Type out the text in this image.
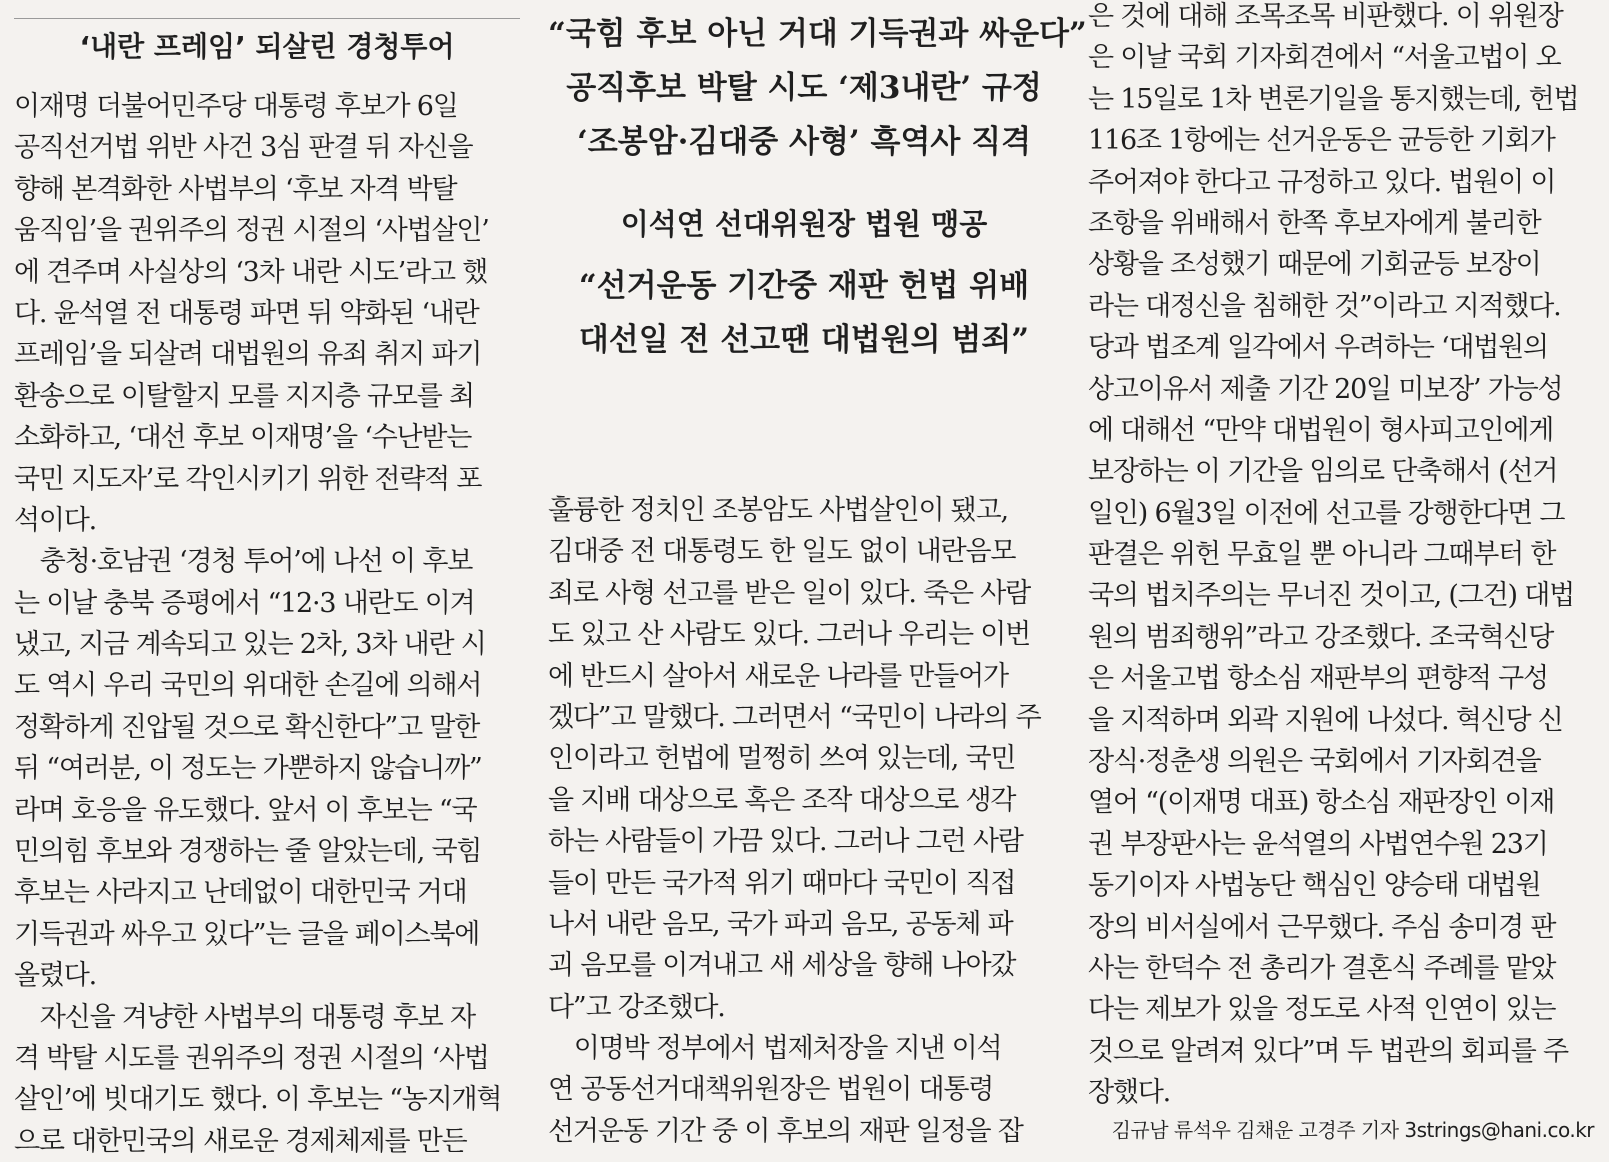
‘내란 프레임’ 되살린 경청투어
이재명 더불어민주당 대통령 후보가 6일
공직선거법 위반 사건 3심 판결 뒤 자신을
향해 본격화한 사법부의 ‘후보 자격 박탈
움직임’을 권위주의 정권 시절의 ‘사법살인’
에 견주며 사실상의 ‘3차 내란 시도’라고 했
다. 윤석열 전 대통령 파면 뒤 약화된 ‘내란
프레임’을 되살려 대법원의 유죄 취지 파기
환송으로 이탈할지 모를 지지층 규모를 최
소화하고, ‘대선 후보 이재명’을 ‘수난받는
국민 지도자’로 각인시키기 위한 전략적 포
석이다.
　충청·호남권 ‘경청 투어’에 나선 이 후보
는 이날 충북 증평에서 “12·3 내란도 이겨
냈고, 지금 계속되고 있는 2차, 3차 내란 시
도 역시 우리 국민의 위대한 손길에 의해서
정확하게 진압될 것으로 확신한다”고 말한
뒤 “여러분, 이 정도는 가뿐하지 않습니까”
라며 호응을 유도했다. 앞서 이 후보는 “국
민의힘 후보와 경쟁하는 줄 알았는데, 국힘
후보는 사라지고 난데없이 대한민국 거대
기득권과 싸우고 있다”는 글을 페이스북에
올렸다.
　자신을 겨냥한 사법부의 대통령 후보 자
격 박탈 시도를 권위주의 정권 시절의 ‘사법
살인’에 빗대기도 했다. 이 후보는 “농지개혁
으로 대한민국의 새로운 경제체제를 만든
“국힘 후보 아닌 거대 기득권과 싸운다”
공직후보 박탈 시도 ‘제3내란’ 규정
‘조봉암·김대중 사형’ 흑역사 직격
이석연 선대위원장 법원 맹공
“선거운동 기간중 재판 헌법 위배
대선일 전 선고땐 대법원의 범죄”
훌륭한 정치인 조봉암도 사법살인이 됐고,
김대중 전 대통령도 한 일도 없이 내란음모
죄로 사형 선고를 받은 일이 있다. 죽은 사람
도 있고 산 사람도 있다. 그러나 우리는 이번
에 반드시 살아서 새로운 나라를 만들어가
겠다”고 말했다. 그러면서 “국민이 나라의 주
인이라고 헌법에 멀쩡히 쓰여 있는데, 국민
을 지배 대상으로 혹은 조작 대상으로 생각
하는 사람들이 가끔 있다. 그러나 그런 사람
들이 만든 국가적 위기 때마다 국민이 직접
나서 내란 음모, 국가 파괴 음모, 공동체 파
괴 음모를 이겨내고 새 세상을 향해 나아갔
다”고 강조했다.
　이명박 정부에서 법제처장을 지낸 이석
연 공동선거대책위원장은 법원이 대통령
선거운동 기간 중 이 후보의 재판 일정을 잡
은 것에 대해 조목조목 비판했다. 이 위원장
은 이날 국회 기자회견에서 “서울고법이 오
는 15일로 1차 변론기일을 통지했는데, 헌법
116조 1항에는 선거운동은 균등한 기회가
주어져야 한다고 규정하고 있다. 법원이 이
조항을 위배해서 한쪽 후보자에게 불리한
상황을 조성했기 때문에 기회균등 보장이
라는 대정신을 침해한 것”이라고 지적했다.
당과 법조계 일각에서 우려하는 ‘대법원의
상고이유서 제출 기간 20일 미보장’ 가능성
에 대해선 “만약 대법원이 형사피고인에게
보장하는 이 기간을 임의로 단축해서 (선거
일인) 6월3일 이전에 선고를 강행한다면 그
판결은 위헌 무효일 뿐 아니라 그때부터 한
국의 법치주의는 무너진 것이고, (그건) 대법
원의 범죄행위”라고 강조했다. 조국혁신당
은 서울고법 항소심 재판부의 편향적 구성
을 지적하며 외곽 지원에 나섰다. 혁신당 신
장식·정춘생 의원은 국회에서 기자회견을
열어 “(이재명 대표) 항소심 재판장인 이재
권 부장판사는 윤석열의 사법연수원 23기
동기이자 사법농단 핵심인 양승태 대법원
장의 비서실에서 근무했다. 주심 송미경 판
사는 한덕수 전 총리가 결혼식 주례를 맡았
다는 제보가 있을 정도로 사적 인연이 있는
것으로 알려져 있다”며 두 법관의 회피를 주
장했다.
김규남 류석우 김채운 고경주 기자 3strings@hani.co.kr
